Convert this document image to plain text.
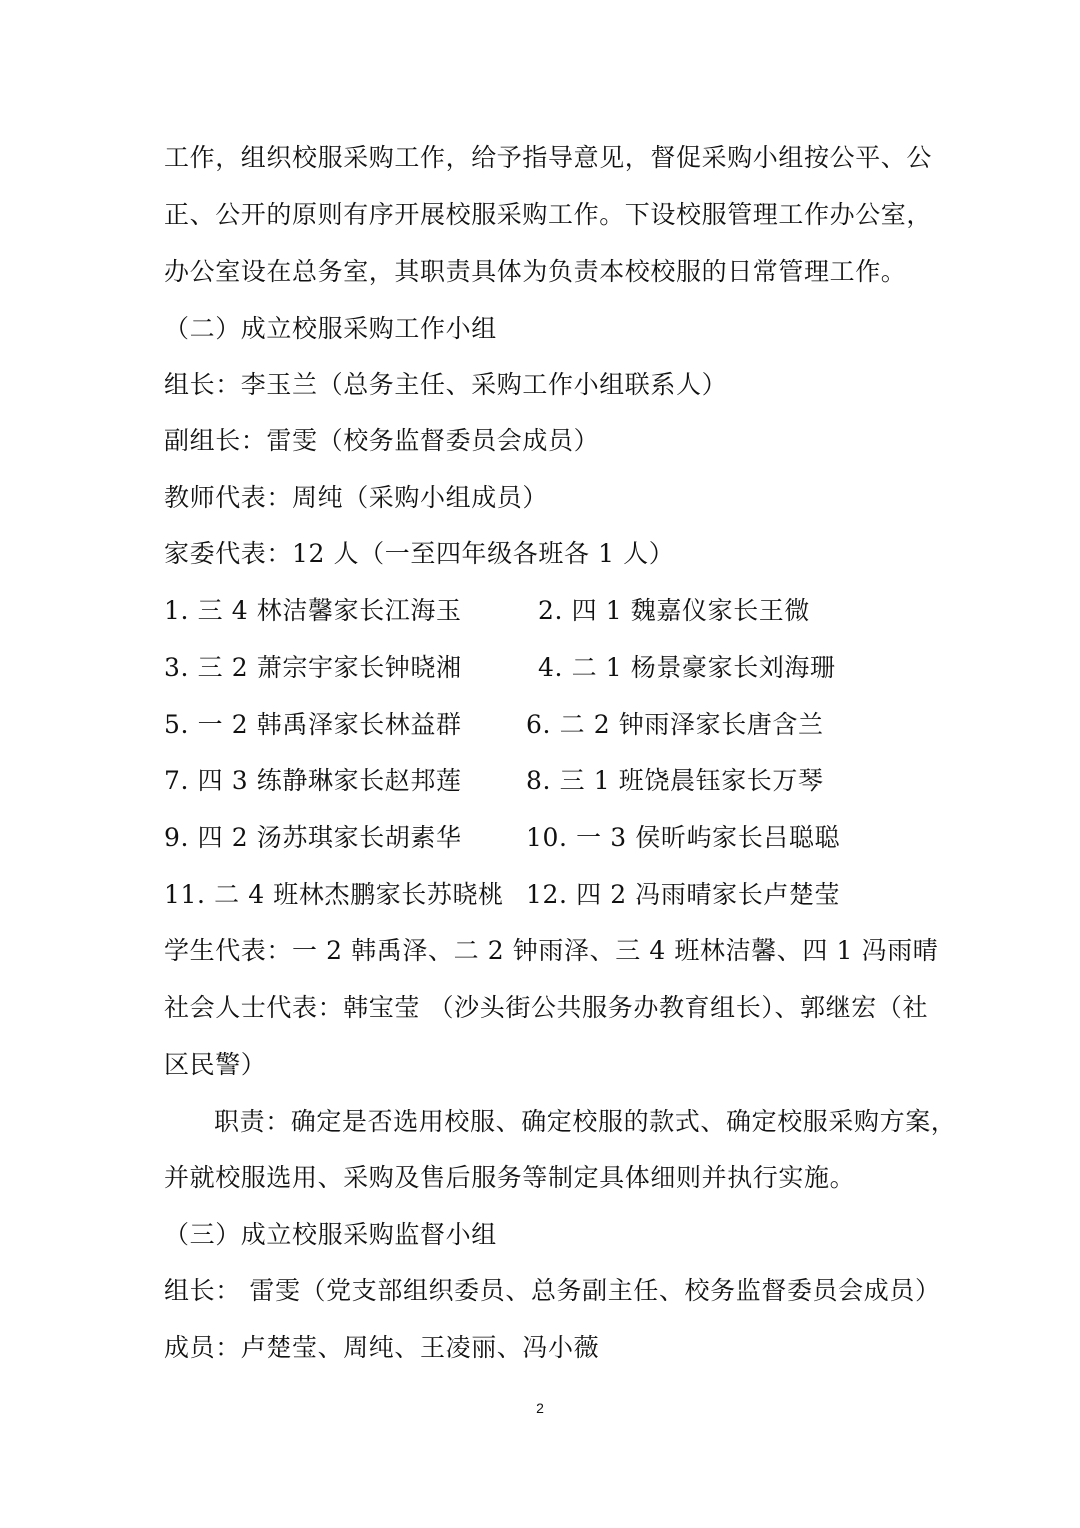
工作，组织校服采购工作，给予指导意见，督促采购小组按公平、公
正、公开的原则有序开展校服采购工作。下设校服管理工作办公室，
办公室设在总务室，其职责具体为负责本校校服的日常管理工作。
（二）成立校服采购工作小组
组长：李玉兰（总务主任、采购工作小组联系人）
副组长：雷雯（校务监督委员会成员）
教师代表：周纯（采购小组成员）
家委代表：12 人（一至四年级各班各 1 人）
1. 三 4 林洁馨家长江海玉	2. 四 1 魏嘉仪家长王微
3. 三 2 萧宗宇家长钟晓湘	4. 二 1 杨景豪家长刘海珊
5. 一 2 韩禹泽家长林益群	6. 二 2 钟雨泽家长唐含兰
7. 四 3 练静琳家长赵邦莲	8. 三 1 班饶晨钰家长万琴
9. 四 2 汤苏琪家长胡素华	10. 一 3 侯昕屿家长吕聪聪
11. 二 4 班林杰鹏家长苏晓桃 12. 四 2 冯雨晴家长卢楚莹
学生代表：一 2 韩禹泽、二 2 钟雨泽、三 4 班林洁馨、四 1 冯雨晴
社会人士代表：韩宝莹 （沙头街公共服务办教育组长）、郭继宏（社
区民警）
职责：确定是否选用校服、确定校服的款式、确定校服采购方案，
并就校服选用、采购及售后服务等制定具体细则并执行实施。
（三）成立校服采购监督小组
组长： 雷雯（党支部组织委员、总务副主任、校务监督委员会成员）
成员：卢楚莹、周纯、王凌丽、冯小薇
2
